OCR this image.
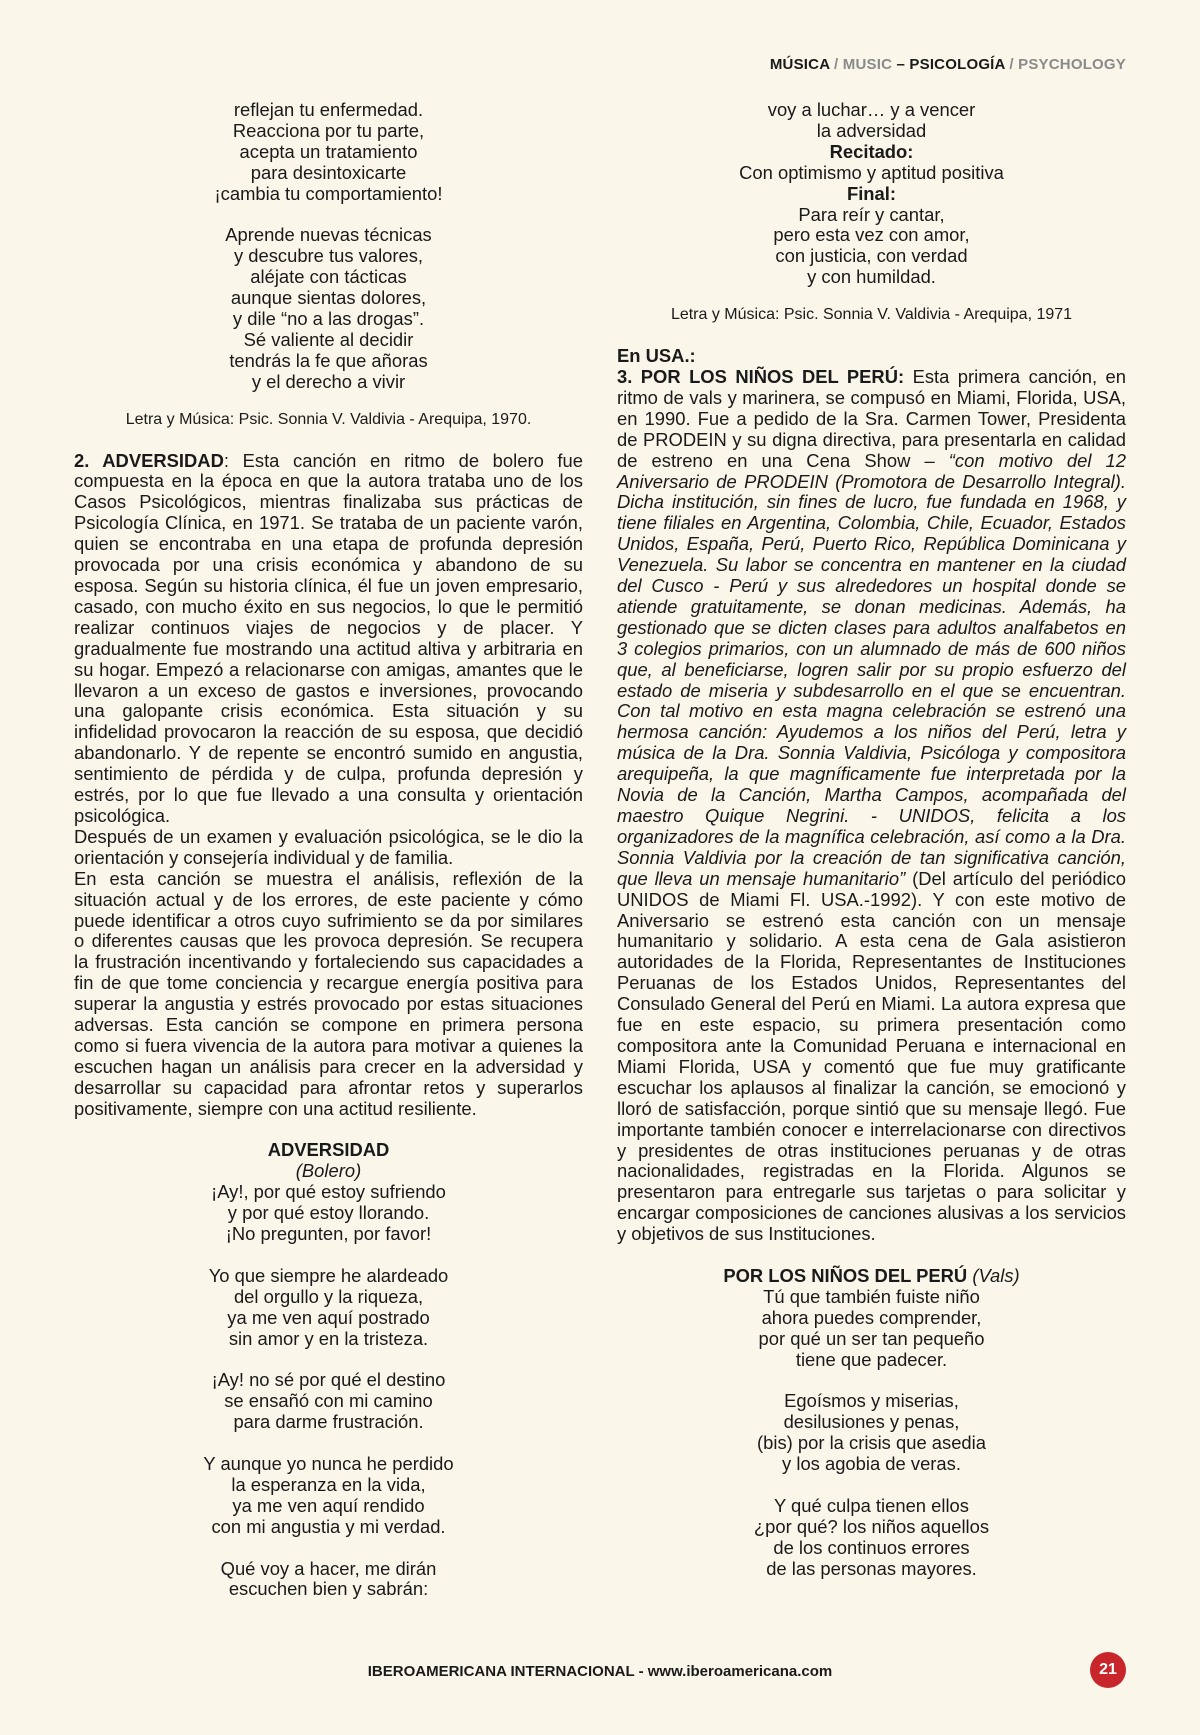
MÚSICA / MUSIC – PSICOLOGÍA / PSYCHOLOGY
reflejan tu enfermedad.
Reacciona por tu parte,
acepta un tratamiento
para desintoxicarte
¡cambia tu comportamiento!
Aprende nuevas técnicas
y descubre tus valores,
aléjate con tácticas
aunque sientas dolores,
y dile “no a las drogas”.
Sé valiente al decidir
tendrás la fe que añoras
y el derecho a vivir
Letra y Música: Psic. Sonnia V. Valdivia - Arequipa, 1970.

2. ADVERSIDAD: Esta canción en ritmo de bolero fue compuesta en la época en que la autora trataba uno de los Casos Psicológicos, mientras finalizaba sus prácticas de Psicología Clínica, en 1971. Se trataba de un paciente varón, quien se encontraba en una etapa de profunda depresión provocada por una crisis económica y abandono de su esposa. Según su historia clínica, él fue un joven empresario, casado, con mucho éxito en sus negocios, lo que le permitió realizar continuos viajes de negocios y de placer. Y gradualmente fue mostrando una actitud altiva y arbitraria en su hogar. Empezó a relacionarse con amigas, amantes que le llevaron a un exceso de gastos e inversiones, provocando una galopante crisis económica. Esta situación y su infidelidad provocaron la reacción de su esposa, que decidió abandonarlo. Y de repente se encontró sumido en angustia, sentimiento de pérdida y de culpa, profunda depresión y estrés, por lo que fue llevado a una consulta y orientación psicológica.

Después de un examen y evaluación psicológica, se le dio la orientación y consejería individual y de familia.

En esta canción se muestra el análisis, reflexión de la situación actual y de los errores, de este paciente y cómo puede identificar a otros cuyo sufrimiento se da por similares o diferentes causas que les provoca depresión. Se recupera la frustración incentivando y fortaleciendo sus capacidades a fin de que tome conciencia y recargue energía positiva para superar la angustia y estrés provocado por estas situaciones adversas. Esta canción se compone en primera persona como si fuera vivencia de la autora para motivar a quienes la escuchen hagan un análisis para crecer en la adversidad y desarrollar su capacidad para afrontar retos y superarlos positivamente, siempre con una actitud resiliente.

ADVERSIDAD
(Bolero)
¡Ay!, por qué estoy sufriendo
y por qué estoy llorando.
¡No pregunten, por favor!
Yo que siempre he alardeado
del orgullo y la riqueza,
ya me ven aquí postrado
sin amor y en la tristeza.
¡Ay! no sé por qué el destino
se ensañó con mi camino
para darme frustración.
Y aunque yo nunca he perdido
la esperanza en la vida,
ya me ven aquí rendido
con mi angustia y mi verdad.
Qué voy a hacer, me dirán
escuchen bien y sabrán:
voy a luchar… y a vencer
la adversidad
Recitado:
Con optimismo y aptitud positiva
Final:
Para reír y cantar,
pero esta vez con amor,
con justicia, con verdad
y con humildad.
Letra y Música: Psic. Sonnia V. Valdivia - Arequipa, 1971
En USA.:

3. POR LOS NIÑOS DEL PERÚ: Esta primera canción, en ritmo de vals y marinera, se compusó en Miami, Florida, USA, en 1990. Fue a pedido de la Sra. Carmen Tower, Presidenta de PRODEIN y su digna directiva, para presentarla en calidad de estreno en una Cena Show – “con motivo del 12 Aniversario de PRODEIN (Promotora de Desarrollo Integral). Dicha institución, sin fines de lucro, fue fundada en 1968, y tiene filiales en Argentina, Colombia, Chile, Ecuador, Estados Unidos, España, Perú, Puerto Rico, República Dominicana y Venezuela. Su labor se concentra en mantener en la ciudad del Cusco - Perú y sus alrededores un hospital donde se atiende gratuitamente, se donan medicinas. Además, ha gestionado que se dicten clases para adultos analfabetos en 3 colegios primarios, con un alumnado de más de 600 niños que, al beneficiarse, logren salir por su propio esfuerzo del estado de miseria y subdesarrollo en el que se encuentran. Con tal motivo en esta magna celebración se estrenó una hermosa canción: Ayudemos a los niños del Perú, letra y música de la Dra. Sonnia Valdivia, Psicóloga y compositora arequipeña, la que magníficamente fue interpretada por la Novia de la Canción, Martha Campos, acompañada del maestro Quique Negrini. - UNIDOS, felicita a los organizadores de la magnífica celebración, así como a la Dra. Sonnia Valdivia por la creación de tan significativa canción, que lleva un mensaje humanitario” (Del artículo del periódico UNIDOS de Miami Fl. USA.-1992). Y con este motivo de Aniversario se estrenó esta canción con un mensaje humanitario y solidario. A esta cena de Gala asistieron autoridades de la Florida, Representantes de Instituciones Peruanas de los Estados Unidos, Representantes del Consulado General del Perú en Miami. La autora expresa que fue en este espacio, su primera presentación como compositora ante la Comunidad Peruana e internacional en Miami Florida, USA y comentó que fue muy gratificante escuchar los aplausos al finalizar la canción, se emocionó y lloró de satisfacción, porque sintió que su mensaje llegó. Fue importante también conocer e interrelacionarse con directivos y presidentes de otras instituciones peruanas y de otras nacionalidades, registradas en la Florida. Algunos se presentaron para entregarle sus tarjetas o para solicitar y encargar composiciones de canciones alusivas a los servicios y objetivos de sus Instituciones.

POR LOS NIÑOS DEL PERÚ (Vals)
Tú que también fuiste niño
ahora puedes comprender,
por qué un ser tan pequeño
tiene que padecer.
Egoísmos y miserias,
desilusiones y penas,
(bis) por la crisis que asedia
y los agobia de veras.
Y qué culpa tienen ellos
¿por qué? los niños aquellos
de los continuos errores
de las personas mayores.
IBEROAMERICANA INTERNACIONAL - www.iberoamericana.com	21
